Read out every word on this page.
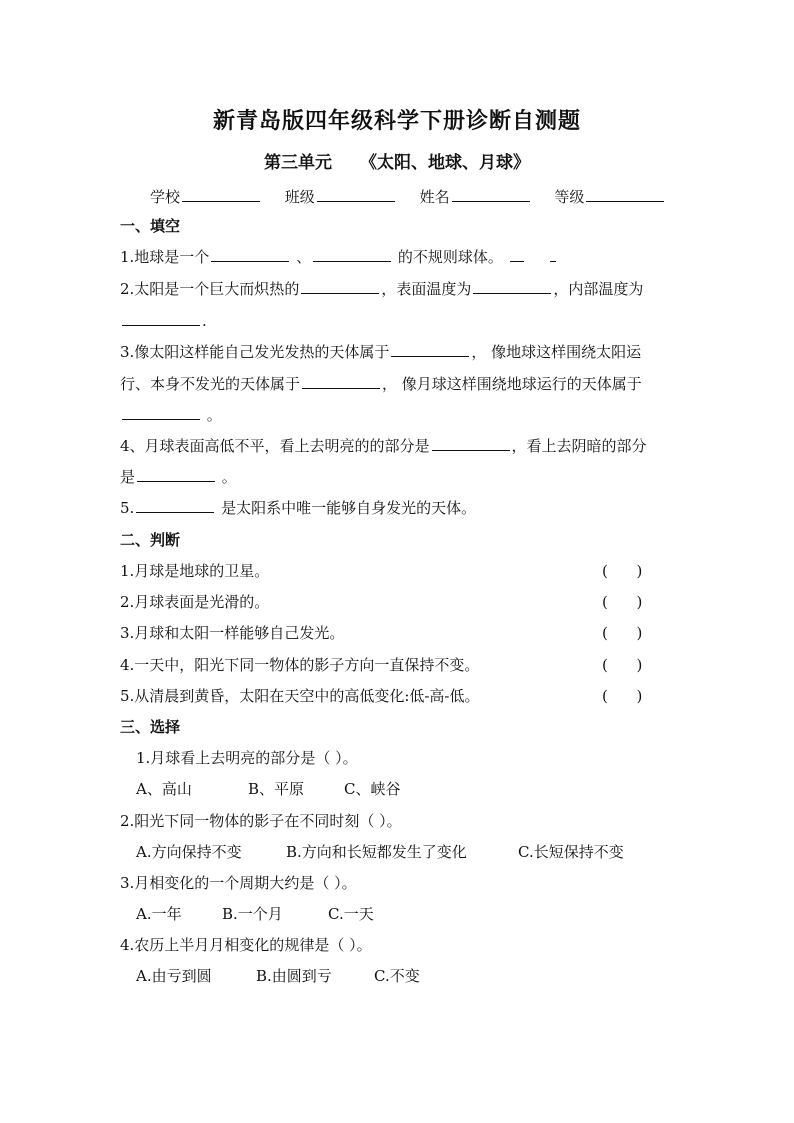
新青岛版四年级科学下册诊断自测题
第三单元 《太阳、地球、月球》
学校	班级	姓名	等级
一、填空
1.地球是一个	、	的不规则球体。
2.太阳是一个巨大而炽热的	，表面温度为	，内部温度为
.
3.像太阳这样能自己发光发热的天体属于	， 像地球这样围绕太阳运
行、本身不发光的天体属于	， 像月球这样围绕地球运行的天体属于
。
4、月球表面高低不平，看上去明亮的的部分是	，看上去阴暗的部分
是	。
5.	是太阳系中唯一能够自身发光的天体。
二、判断
1.月球是地球的卫星。	(      )
2.月球表面是光滑的。	(      )
3.月球和太阳一样能够自己发光。	(      )
4.一天中，阳光下同一物体的影子方向一直保持不变。	(      )
5.从清晨到黄昏，太阳在天空中的高低变化:低-高-低。	(      )
三、选择
1.月球看上去明亮的部分是（ ）。
A、高山	B、平原	C、峡谷
2.阳光下同一物体的影子在不同时刻（ ）。
A.方向保持不变	B.方向和长短都发生了变化	C.长短保持不变
3.月相变化的一个周期大约是（ ）。
A.一年	B.一个月	C.一天
4.农历上半月月相变化的规律是（ ）。
A.由亏到圆	B.由圆到亏	C.不变
